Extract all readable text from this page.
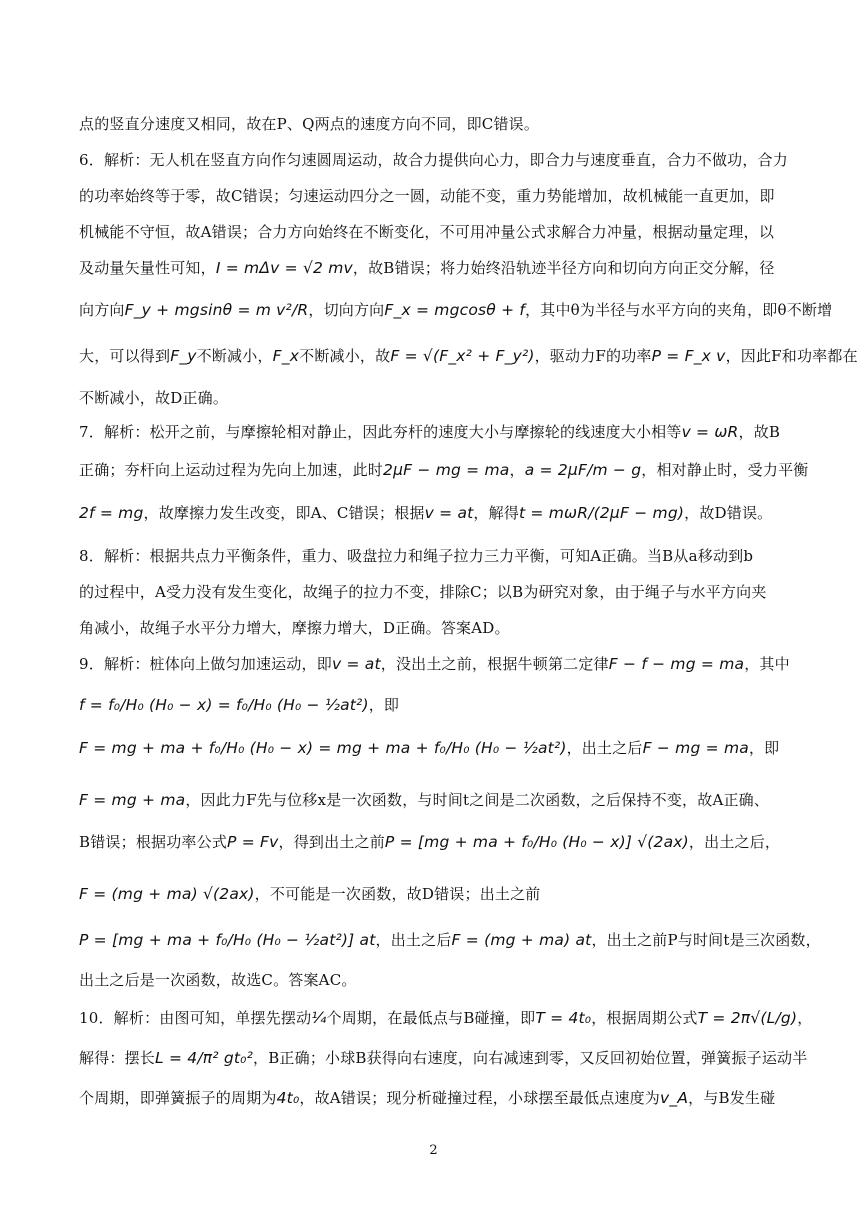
点的竖直分速度又相同，故在P、Q两点的速度方向不同，即C错误。
6．解析：无人机在竖直方向作匀速圆周运动，故合力提供向心力，即合力与速度垂直，合力不做功，合力
的功率始终等于零，故C错误；匀速运动四分之一圆，动能不变，重力势能增加，故机械能一直更加，即
机械能不守恒，故A错误；合力方向始终在不断变化，不可用冲量公式求解合力冲量，根据动量定理，以
及动量矢量性可知，I = mΔv = √2 mv，故B错误；将力始终沿轨迹半径方向和切向方向正交分解，径
向方向F_y + mgsinθ = m v²/R，切向方向F_x = mgcosθ + f，其中θ为半径与水平方向的夹角，即θ不断增
大，可以得到F_y不断减小，F_x不断减小，故F = √(F_x² + F_y²)，驱动力F的功率P = F_x v，因此F和功率都在
不断减小，故D正确。
7．解析：松开之前，与摩擦轮相对静止，因此夯杆的速度大小与摩擦轮的线速度大小相等v = ωR，故B
正确；夯杆向上运动过程为先向上加速，此时2μF − mg = ma，a = 2μF/m − g，相对静止时，受力平衡
2f = mg，故摩擦力发生改变，即A、C错误；根据v = at，解得t = mωR/(2μF − mg)，故D错误。
8．解析：根据共点力平衡条件，重力、吸盘拉力和绳子拉力三力平衡，可知A正确。当B从a移动到b
的过程中，A受力没有发生变化，故绳子的拉力不变，排除C；以B为研究对象，由于绳子与水平方向夹
角减小，故绳子水平分力增大，摩擦力增大，D正确。答案AD。
9．解析：桩体向上做匀加速运动，即v = at，没出土之前，根据牛顿第二定律F − f − mg = ma，其中
f = f₀/H₀ (H₀ − x) = f₀/H₀ (H₀ − ½at²)，即
F = mg + ma + f₀/H₀ (H₀ − x) = mg + ma + f₀/H₀ (H₀ − ½at²)，出土之后F − mg = ma，即
F = mg + ma，因此力F先与位移x是一次函数，与时间t之间是二次函数，之后保持不变，故A正确、
B错误；根据功率公式P = Fv，得到出土之前P = [mg + ma + f₀/H₀ (H₀ − x)] √(2ax)，出土之后，
F = (mg + ma) √(2ax)，不可能是一次函数，故D错误；出土之前
P = [mg + ma + f₀/H₀ (H₀ − ½at²)] at，出土之后F = (mg + ma) at，出土之前P与时间t是三次函数，
出土之后是一次函数，故选C。答案AC。
10．解析：由图可知，单摆先摆动¼个周期，在最低点与B碰撞，即T = 4t₀，根据周期公式T = 2π√(L/g)，
解得：摆长L = 4/π² gt₀²，B正确；小球B获得向右速度，向右减速到零，又反回初始位置，弹簧振子运动半
个周期，即弹簧振子的周期为4t₀，故A错误；现分析碰撞过程，小球摆至最低点速度为v_A，与B发生碰
2
